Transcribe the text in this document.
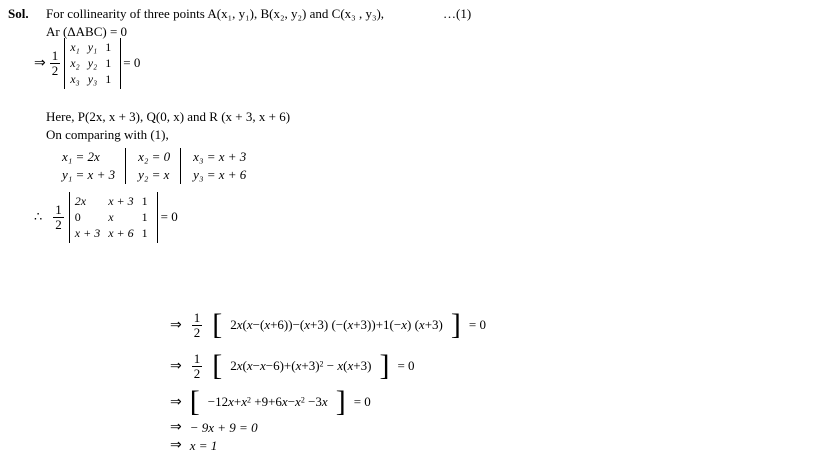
Sol. For collinearity of three points A(x₁, y₁), B(x₂, y₂) and C(x₃ , y₃),	…(1)
Ar (ΔABC) = 0
⇒ $\frac{1}{2}$
x₁	y₁	1
x₂	y₂	1
x₃	y₃	1
= 0
Here, P(2x, x + 3), Q(0, x) and R (x + 3, x + 6)
On comparing with (1),
x₁ = 2x	x₂ = 0	x₃ = x + 3
y₁ = x + 3	y₂ = x	y₃ = x + 6
∴ $\frac{1}{2}$
2x	x + 3	1
0	x	1
x + 3	x + 6	1
= 0
⇒ $\frac{1}{2}$ [ 2x(x−(x+6))−(x+3) (−(x+3))+1(−x) (x+3) ] = 0
⇒ $\frac{1}{2}$ [ $2x(x-x-6)+(x+3)^2 - x(x+3)$ ] = 0
⇒ [ $-12x+x^2 +9+6x-x^2 -3x$ ] = 0
⇒ − 9x + 9 = 0
⇒ x = 1
